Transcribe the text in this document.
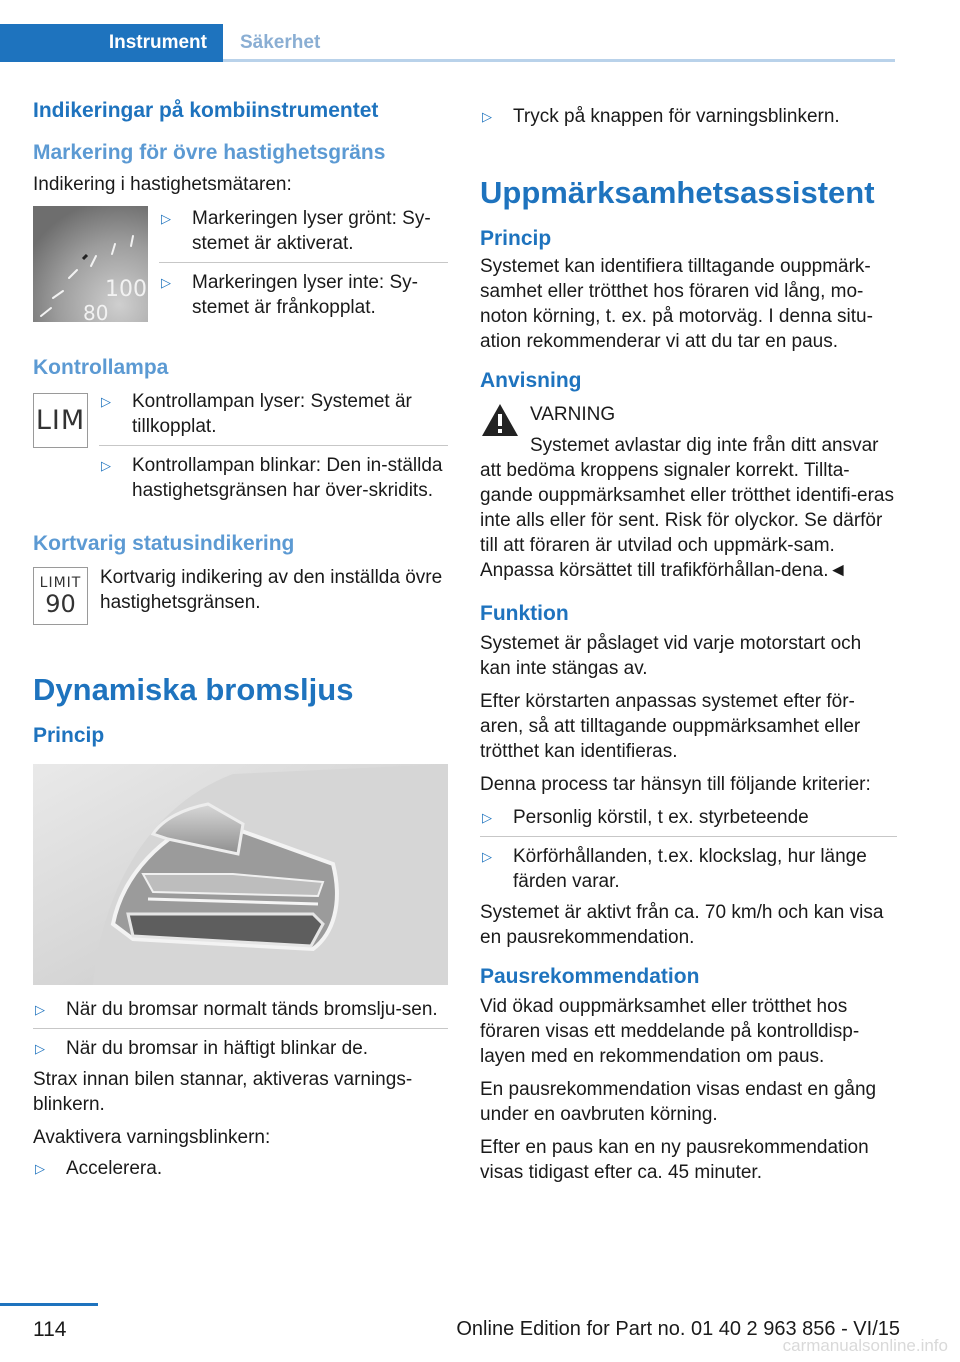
Instrument	Säkerhet
Indikeringar på kombiinstrumentet
Markering för övre hastighetsgräns

Indikering i hastighetsmätaren:

100
80
▷	Markeringen lyser grönt: Sy-stemet är aktiverat.
▷	Markeringen lyser inte: Sy-stemet är frånkopplat.
Kontrollampa
LIM
▷	Kontrollampan lyser: Systemet är tillkopplat.
▷	Kontrollampan blinkar: Den in-ställda hastighetsgränsen har över-skridits.
Kortvarig statusindikering
LIMIT
90

Kortvarig indikering av den inställda övre hastighetsgränsen.

Dynamiska bromsljus
Princip
▷	När du bromsar normalt tänds bromslju-sen.
▷	När du bromsar in häftigt blinkar de.

Strax innan bilen stannar, aktiveras varnings-blinkern.

Avaktivera varningsblinkern:

▷	Accelerera.
▷	Tryck på knappen för varningsblinkern.
Uppmärksamhetsassistent
Princip

Systemet kan identifiera tilltagande ouppmärk-samhet eller trötthet hos föraren vid lång, mo-noton körning, t. ex. på motorväg. I denna situ-ation rekommenderar vi att du tar en paus.

Anvisning

VARNING

Systemet avlastar dig inte från ditt ansvar

att bedöma kroppens signaler korrekt. Tillta-gande ouppmärksamhet eller trötthet identifi-eras inte alls eller för sent. Risk för olyckor. Se därför till att föraren är utvilad och uppmärk-sam. Anpassa körsättet till trafikförhållan-dena.◄

Funktion

Systemet är påslaget vid varje motorstart och kan inte stängas av.

Efter körstarten anpassas systemet efter för-aren, så att tilltagande ouppmärksamhet eller trötthet kan identifieras.

Denna process tar hänsyn till följande kriterier:

▷	Personlig körstil, t ex. styrbeteende
▷	Körförhållanden, t.ex. klockslag, hur länge färden varar.

Systemet är aktivt från ca. 70 km/h och kan visa en pausrekommendation.

Pausrekommendation

Vid ökad ouppmärksamhet eller trötthet hos föraren visas ett meddelande på kontrolldisp-layen med en rekommendation om paus.

En pausrekommendation visas endast en gång under en oavbruten körning.

Efter en paus kan en ny pausrekommendation visas tidigast efter ca. 45 minuter.

114	Online Edition for Part no. 01 40 2 963 856 - VI/15
carmanualsonline.info
